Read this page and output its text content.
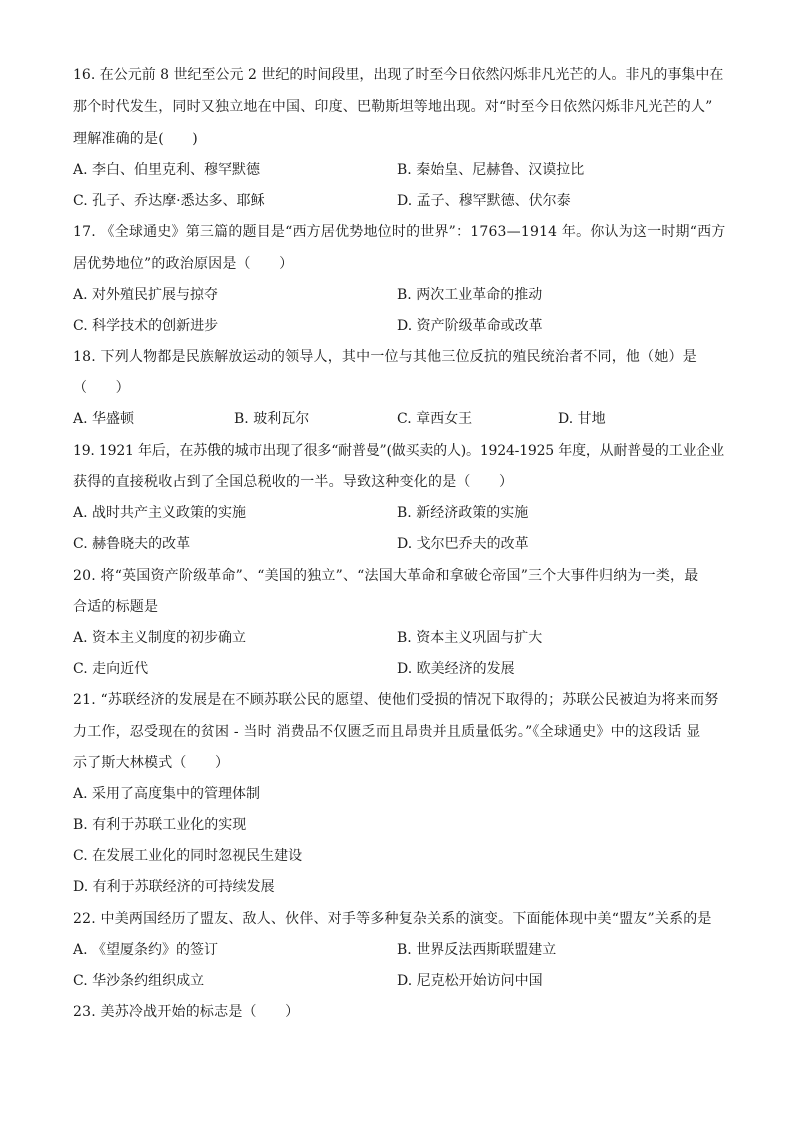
16. 在公元前 8 世纪至公元 2 世纪的时间段里，出现了时至今日依然闪烁非凡光芒的人。非凡的事集中在
那个时代发生，同时又独立地在中国、印度、巴勒斯坦等地出现。对“时至今日依然闪烁非凡光芒的人”
理解准确的是(　　)
A. 李白、伯里克利、穆罕默德	B. 秦始皇、尼赫鲁、汉谟拉比
C. 孔子、乔达摩·悉达多、耶稣	D. 孟子、穆罕默德、伏尔泰
17. 《全球通史》第三篇的题目是“西方居优势地位时的世界”：1763—1914 年。你认为这一时期“西方
居优势地位”的政治原因是（　　）
A. 对外殖民扩展与掠夺	B. 两次工业革命的推动
C. 科学技术的创新进步	D. 资产阶级革命或改革
18. 下列人物都是民族解放运动的领导人，其中一位与其他三位反抗的殖民统治者不同，他（她）是
（　　）
A. 华盛顿	B. 玻利瓦尔	C. 章西女王	D. 甘地
19. 1921 年后，在苏俄的城市出现了很多“耐普曼”(做买卖的人)。1924-1925 年度，从耐普曼的工业企业
获得的直接税收占到了全国总税收的一半。导致这种变化的是（　　）
A. 战时共产主义政策的实施	B. 新经济政策的实施
C. 赫鲁晓夫的改革	D. 戈尔巴乔夫的改革
20. 将“英国资产阶级革命”、“美国的独立”、“法国大革命和拿破仑帝国”三个大事件归纳为一类，最
合适的标题是
A. 资本主义制度的初步确立	B. 资本主义巩固与扩大
C. 走向近代	D. 欧美经济的发展
21. “苏联经济的发展是在不顾苏联公民的愿望、使他们受损的情况下取得的；苏联公民被迫为将来而努
力工作，忍受现在的贫困 - 当时 消费品不仅匮乏而且昂贵并且质量低劣。”《全球通史》中的这段话 显
示了斯大林模式（　　）
A. 采用了高度集中的管理体制
B. 有利于苏联工业化的实现
C. 在发展工业化的同时忽视民生建设
D. 有利于苏联经济的可持续发展
22. 中美两国经历了盟友、敌人、伙伴、对手等多种复杂关系的演变。下面能体现中美“盟友”关系的是
A. 《望厦条约》的签订	B. 世界反法西斯联盟建立
C. 华沙条约组织成立	D. 尼克松开始访问中国
23. 美苏冷战开始的标志是（　　）
